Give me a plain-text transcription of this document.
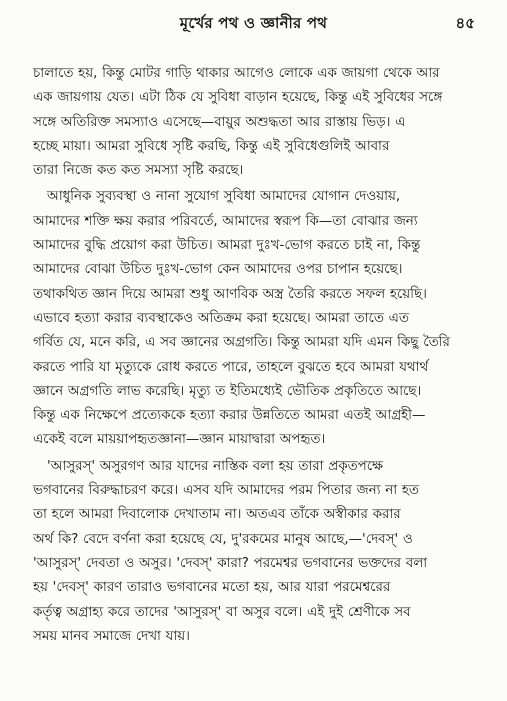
মূর্খের পথ ও জ্ঞানীর পথ	৪৫
চালাতে হয়, কিন্তু মোটর গাড়ি থাকার আগেও লোকে এক জায়গা থেকে আর
এক জায়গায় যেত। এটা ঠিক যে সুবিধা বাড়ান হয়েছে, কিন্তু এই সুবিধের সঙ্গে
সঙ্গে অতিরিক্ত সমস্যাও এসেছে—বায়ুর অশুদ্ধতা আর রাস্তায় ভিড়। এ
হচ্ছে মায়া। আমরা সুবিধে সৃষ্টি করছি, কিন্তু এই সুবিধেগুলিই আবার
তারা নিজে কত কত সমস্যা সৃষ্টি করছে।
আধুনিক সুব্যবস্থা ও নানা সুযোগ সুবিধা আমাদের যোগান দেওয়ায়,
আমাদের শক্তি ক্ষয় করার পরিবর্তে, আমাদের স্বরূপ কি—তা বোঝার জন্য
আমাদের বুদ্ধি প্রয়োগ করা উচিত। আমরা দুঃখ-ভোগ করতে চাই না, কিন্তু
আমাদের বোঝা উচিত দুঃখ-ভোগ কেন আমাদের ওপর চাপান হয়েছে।
তথাকথিত জ্ঞান দিয়ে আমরা শুধু আণবিক অস্ত্র তৈরি করতে সফল হয়েছি।
এভাবে হত্যা করার ব্যবস্থাকেও অতিক্রম করা হয়েছে। আমরা তাতে এত
গর্বিত যে, মনে করি, এ সব জ্ঞানের অগ্রগতি। কিন্তু আমরা যদি এমন কিছু তৈরি
করতে পারি যা মৃত্যুকে রোধ করতে পারে, তাহলে বুঝতে হবে আমরা যথার্থ
জ্ঞানে অগ্রগতি লাভ করেছি। মৃত্যু ত ইতিমধ্যেই ভৌতিক প্রকৃতিতে আছে।
কিন্তু এক নিক্ষেপে প্রত্যেককে হত্যা করার উন্নতিতে আমরা এতই আগ্রহী—
একেই বলে মায়য়াপহৃতজ্ঞানা—জ্ঞান মায়াদ্বারা অপহৃত।
'আসুরস্' অসুরগণ আর যাদের নাস্তিক বলা হয় তারা প্রকৃতপক্ষে
ভগবানের বিরুদ্ধাচরণ করে। এসব যদি আমাদের পরম পিতার জন্য না হত
তা হলে আমরা দিবালোক দেখাতাম না। অতএব তাঁকে অস্বীকার করার
অর্থ কি? বেদে বর্ণনা করা হয়েছে যে, দু'রকমের মানুষ আছে,—'দেবস্' ও
'আসুরস্' দেবতা ও অসুর। 'দেবস্' কারা? পরমেশ্বর ভগবানের ভক্তদের বলা
হয় 'দেবস্' কারণ তারাও ভগবানের মতো হয়, আর যারা পরমেশ্বরের
কর্তৃত্ব অগ্রাহ্য করে তাদের 'আসুরস্' বা অসুর বলে। এই দুই শ্রেণীকে সব
সময় মানব সমাজে দেখা যায়।
